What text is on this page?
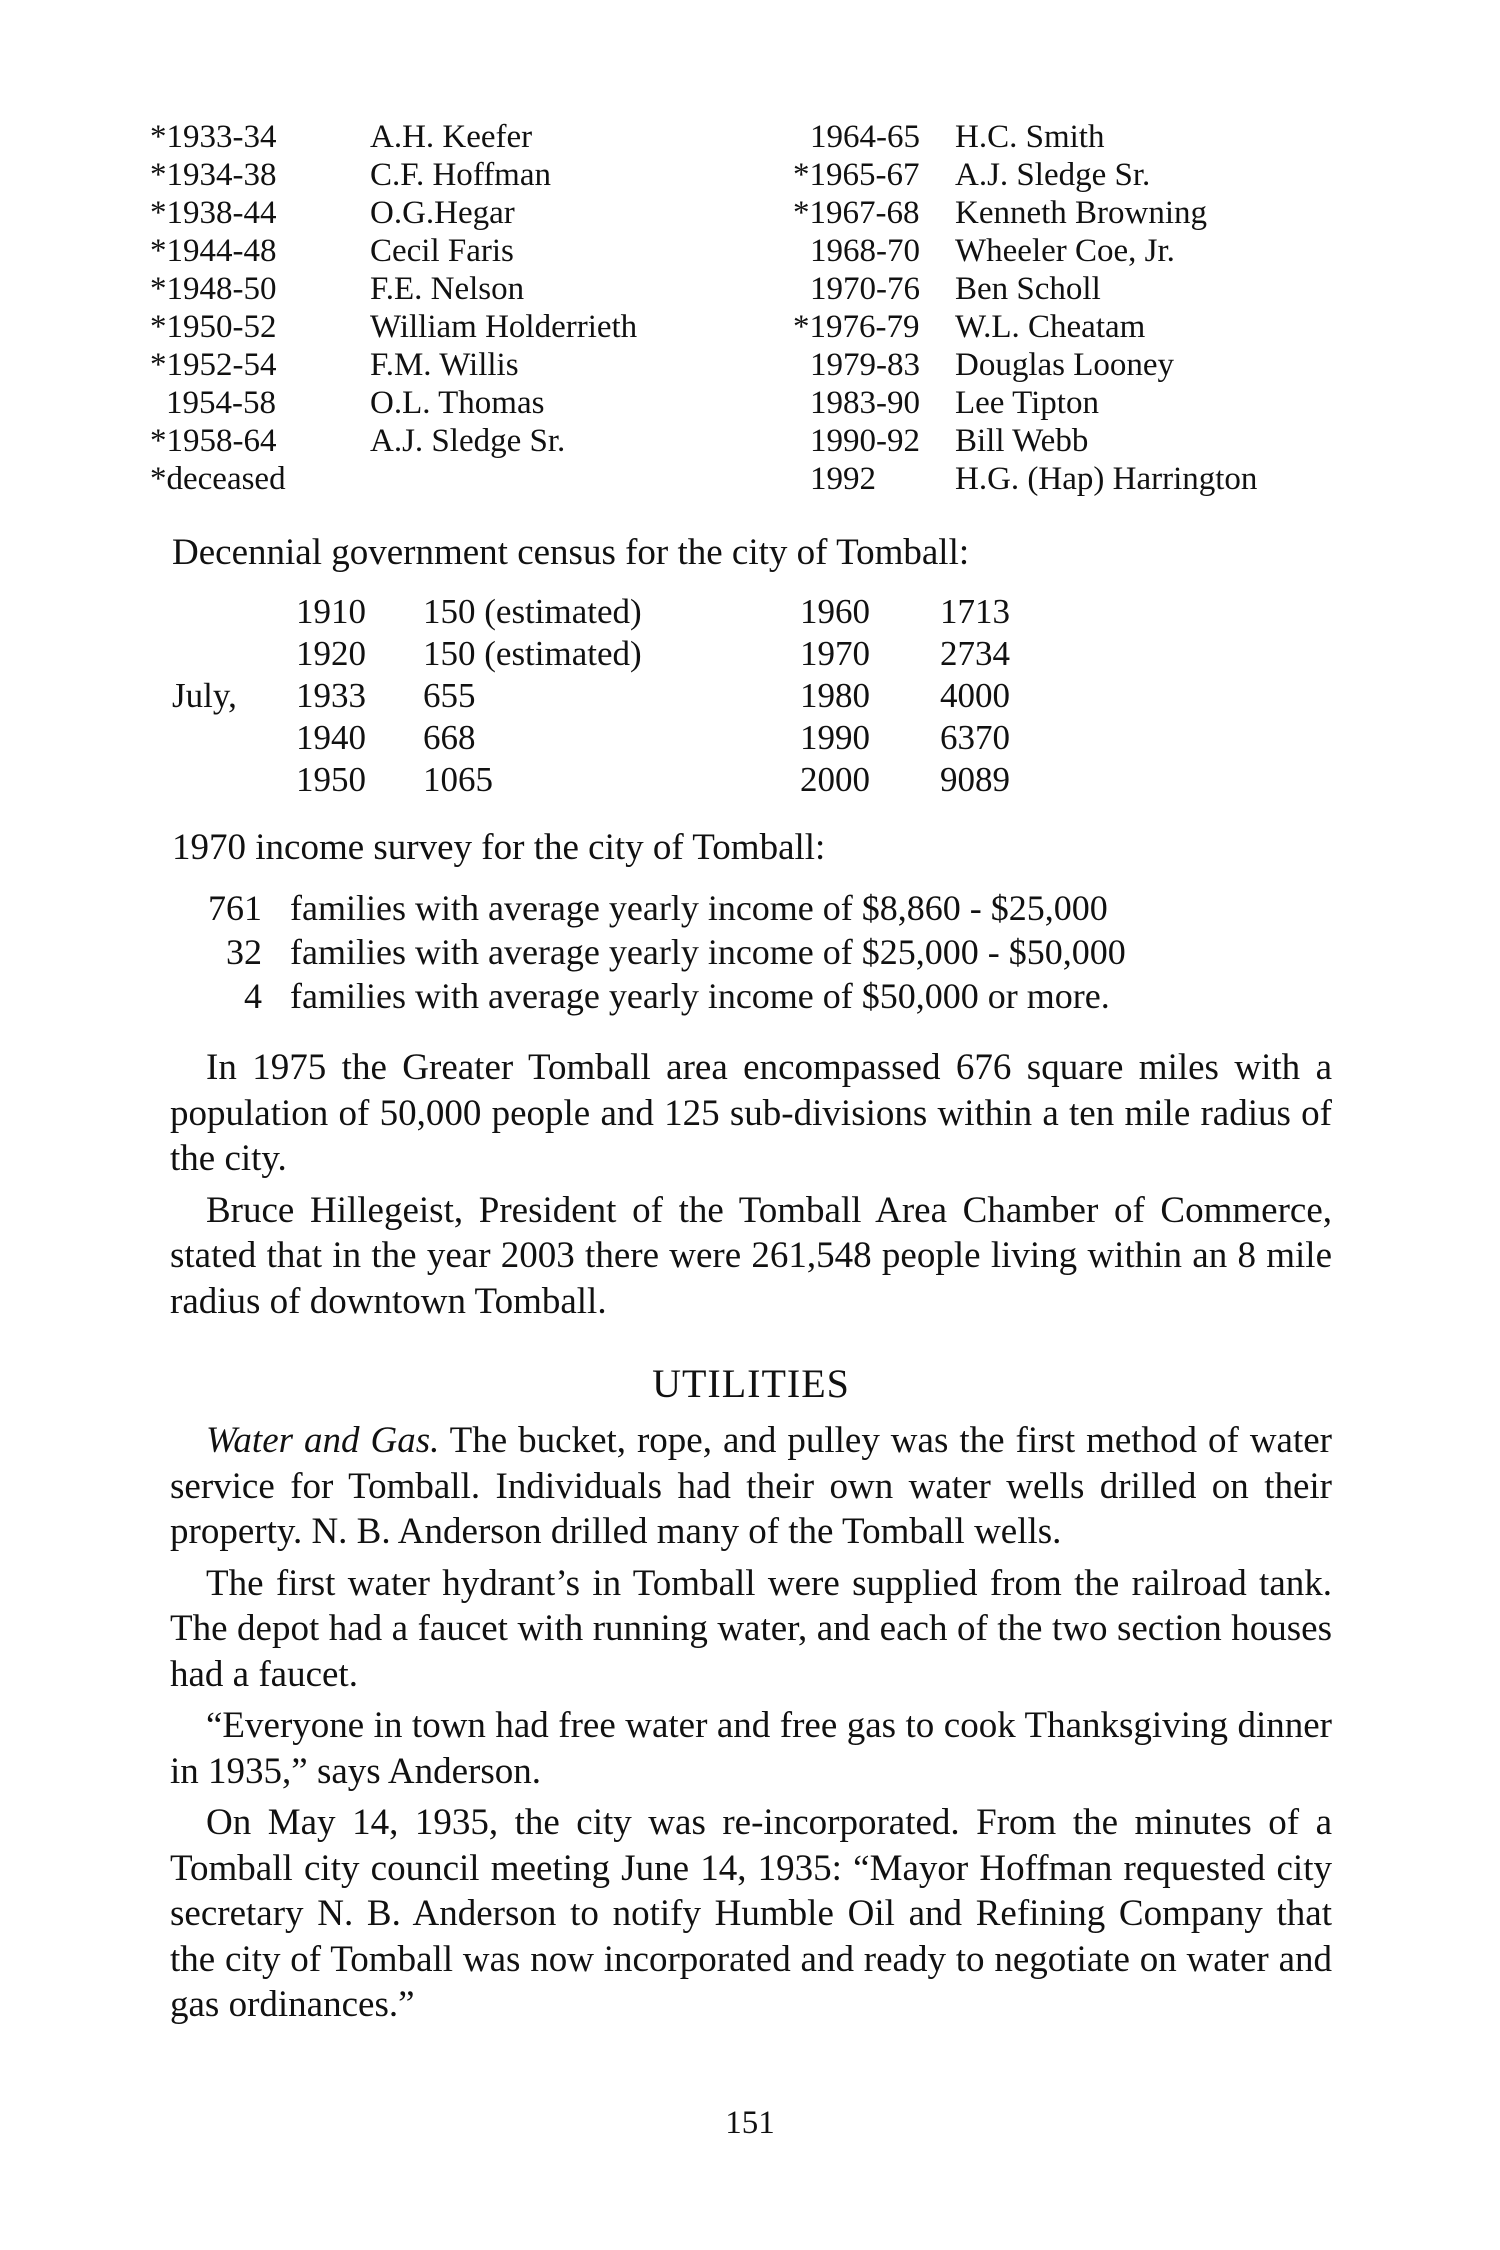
*1933-34	A.H. Keefer
*1934-38	C.F. Hoffman
*1938-44	O.G.Hegar
*1944-48	Cecil Faris
*1948-50	F.E. Nelson
*1950-52	William Holderrieth
*1952-54	F.M. Willis
1954-58	O.L. Thomas
*1958-64	A.J. Sledge Sr.
*deceased
1964-65	H.C. Smith
*1965-67	A.J. Sledge Sr.
*1967-68	Kenneth Browning
1968-70	Wheeler Coe, Jr.
1970-76	Ben Scholl
*1976-79	W.L. Cheatam
1979-83	Douglas Looney
1983-90	Lee Tipton
1990-92	Bill Webb
1992	H.G. (Hap) Harrington
Decennial government census for the city of Tomball:
1910 150 (estimated)	1960 1713
1920 150 (estimated)	1970 2734
July, 1933 655	1980 4000
1940 668	1990 6370
1950 1065	2000 9089
1970 income survey for the city of Tomball:
761 families with average yearly income of $8,860 - $25,000
32 families with average yearly income of $25,000 - $50,000
4 families with average yearly income of $50,000 or more.

In 1975 the Greater Tomball area encompassed 676 square miles with a population of 50,000 people and 125 sub-divisions within a ten mile radius of the city.

Bruce Hillegeist, President of the Tomball Area Chamber of Commerce, stated that in the year 2003 there were 261,548 people living within an 8 mile radius of downtown Tomball.

UTILITIES

Water and Gas. The bucket, rope, and pulley was the first method of water service for Tomball. Individuals had their own water wells drilled on their property. N. B. Anderson drilled many of the Tomball wells.

The first water hydrant’s in Tomball were supplied from the railroad tank. The depot had a faucet with running water, and each of the two section houses had a faucet.

“Everyone in town had free water and free gas to cook Thanksgiving dinner in 1935,” says Anderson.

On May 14, 1935, the city was re-incorporated. From the minutes of a Tomball city council meeting June 14, 1935: “Mayor Hoffman requested city secretary N. B. Anderson to notify Humble Oil and Refining Company that the city of Tomball was now incorporated and ready to negotiate on water and gas ordinances.”

151
